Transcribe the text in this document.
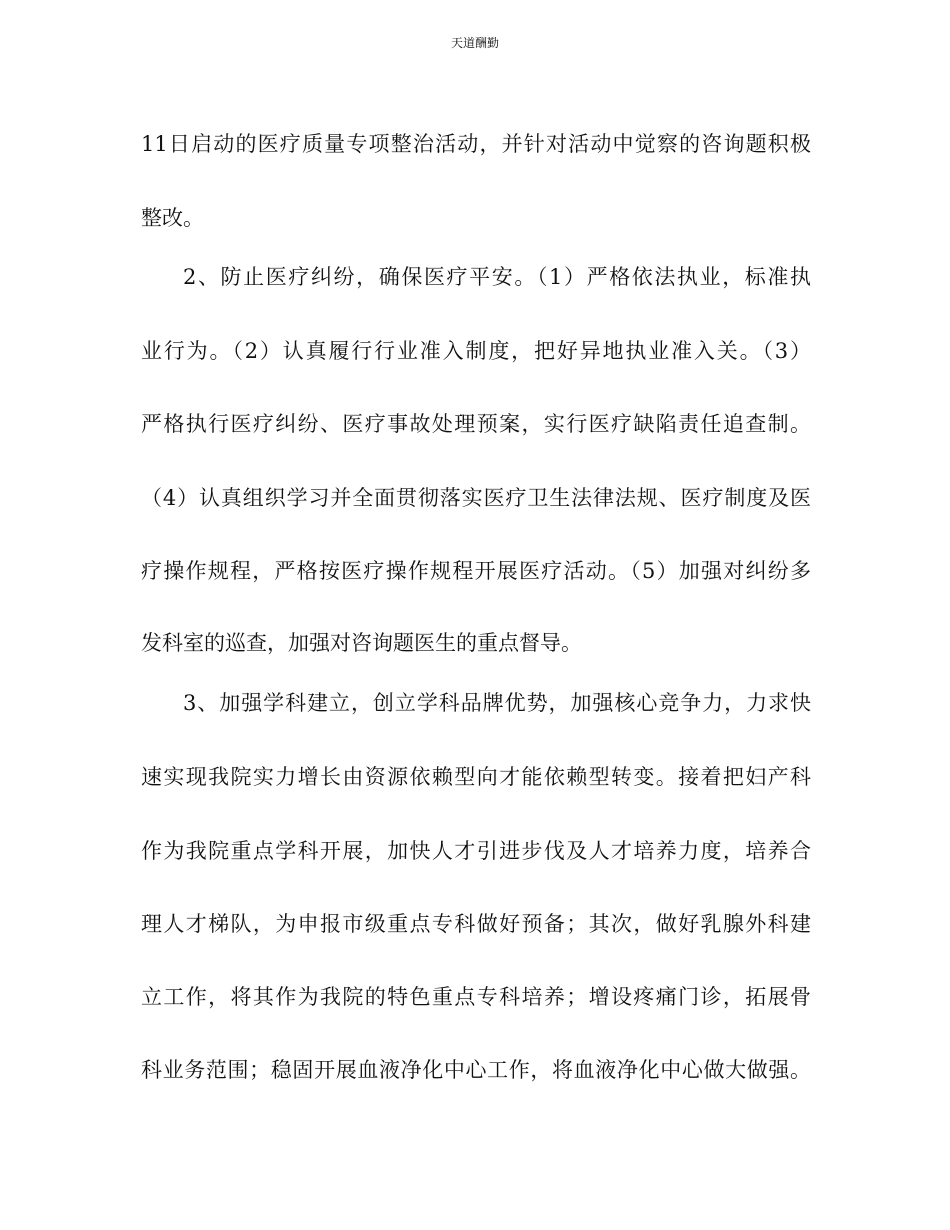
天道酬勤
11日启动的医疗质量专项整治活动，并针对活动中觉察的咨询题积极
整改。
2、防止医疗纠纷，确保医疗平安。（1）严格依法执业，标准执
业行为。（2）认真履行行业准入制度，把好异地执业准入关。（3）
严格执行医疗纠纷、医疗事故处理预案，实行医疗缺陷责任追查制。
（4）认真组织学习并全面贯彻落实医疗卫生法律法规、医疗制度及医
疗操作规程，严格按医疗操作规程开展医疗活动。（5）加强对纠纷多
发科室的巡查，加强对咨询题医生的重点督导。
3、加强学科建立，创立学科品牌优势，加强核心竞争力，力求快
速实现我院实力增长由资源依赖型向才能依赖型转变。接着把妇产科
作为我院重点学科开展，加快人才引进步伐及人才培养力度，培养合
理人才梯队，为申报市级重点专科做好预备；其次，做好乳腺外科建
立工作，将其作为我院的特色重点专科培养；增设疼痛门诊，拓展骨
科业务范围；稳固开展血液净化中心工作，将血液净化中心做大做强。
